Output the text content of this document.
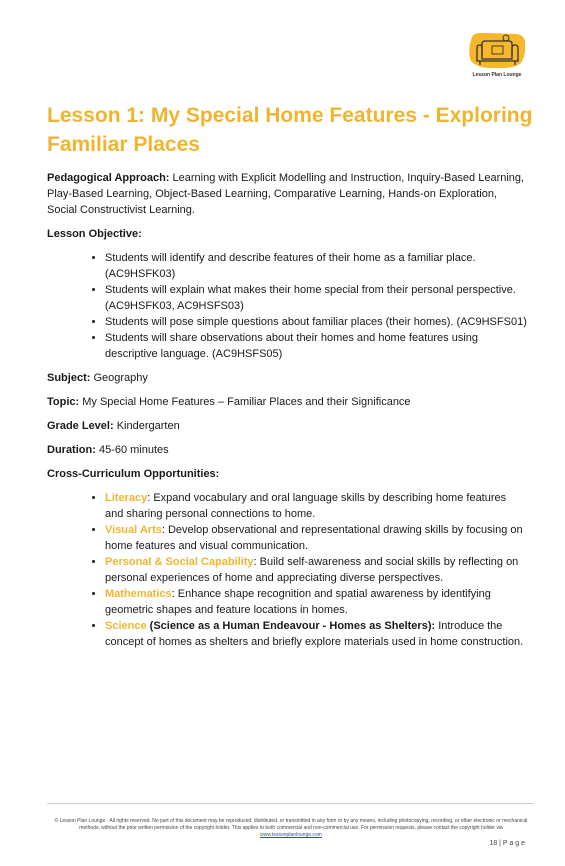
Lesson Plan Lounge
Lesson 1: My Special Home Features - Exploring Familiar Places

Pedagogical Approach: Learning with Explicit Modelling and Instruction, Inquiry-Based Learning, Play-Based Learning, Object-Based Learning, Comparative Learning, Hands-on Exploration, Social Constructivist Learning.

Lesson Objective:

• Students will identify and describe features of their home as a familiar place. (AC9HSFK03)
• Students will explain what makes their home special from their personal perspective. (AC9HSFK03, AC9HSFS03)
• Students will pose simple questions about familiar places (their homes). (AC9HSFS01)
• Students will share observations about their homes and home features using descriptive language. (AC9HSFS05)

Subject: Geography

Topic: My Special Home Features – Familiar Places and their Significance

Grade Level: Kindergarten

Duration: 45-60 minutes

Cross-Curriculum Opportunities:

• Literacy: Expand vocabulary and oral language skills by describing home features and sharing personal connections to home.
• Visual Arts: Develop observational and representational drawing skills by focusing on home features and visual communication.
• Personal & Social Capability: Build self-awareness and social skills by reflecting on personal experiences of home and appreciating diverse perspectives.
• Mathematics: Enhance shape recognition and spatial awareness by identifying geometric shapes and feature locations in homes.
• Science (Science as a Human Endeavour - Homes as Shelters): Introduce the concept of homes as shelters and briefly explore materials used in home construction.
© Lesson Plan Lounge - All rights reserved. No part of this document may be reproduced, distributed, or transmitted in any form or by any means, including photocopying, recording, or other electronic or mechanical methods, without the prior written permission of the copyright holder. This applies to both commercial and non-commercial use. For permission requests, please contact the copyright holder via
www.lessonplanlounge.com
18 | P a g e
